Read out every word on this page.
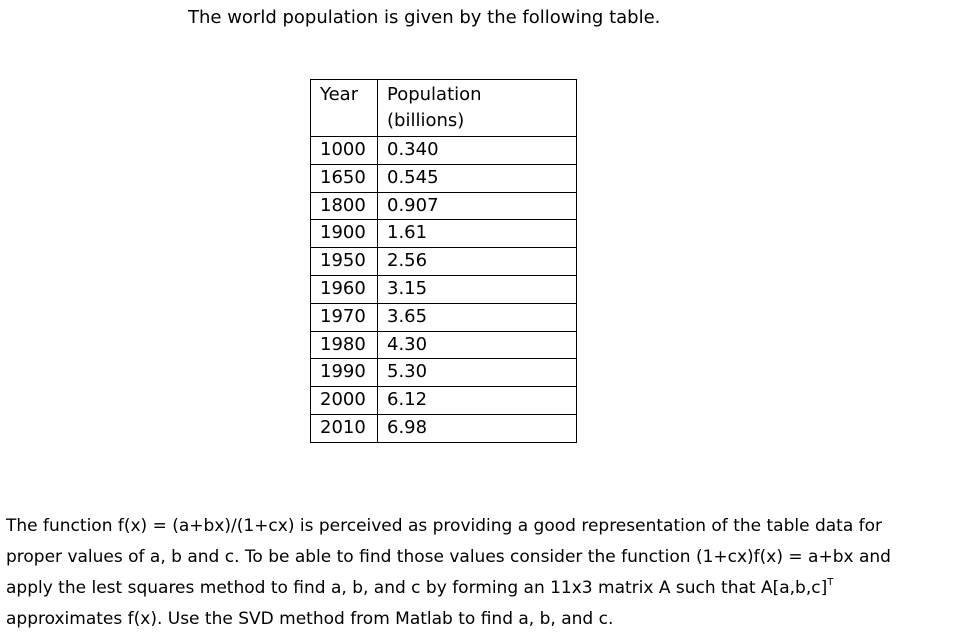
The world population is given by the following table.

Year	Population
(billions)
1000	0.340
1650	0.545
1800	0.907
1900	1.61
1950	2.56
1960	3.15
1970	3.65
1980	4.30
1990	5.30
2000	6.12
2010	6.98

The function f(x) = (a+bx)/(1+cx) is perceived as providing a good representation of the table data for
proper values of a, b and c. To be able to find those values consider the function (1+cx)f(x) = a+bx and
apply the lest squares method to find a, b, and c by forming an 11x3 matrix A such that $A[a,b,c]^T$
approximates f(x). Use the SVD method from Matlab to find a, b, and c.
